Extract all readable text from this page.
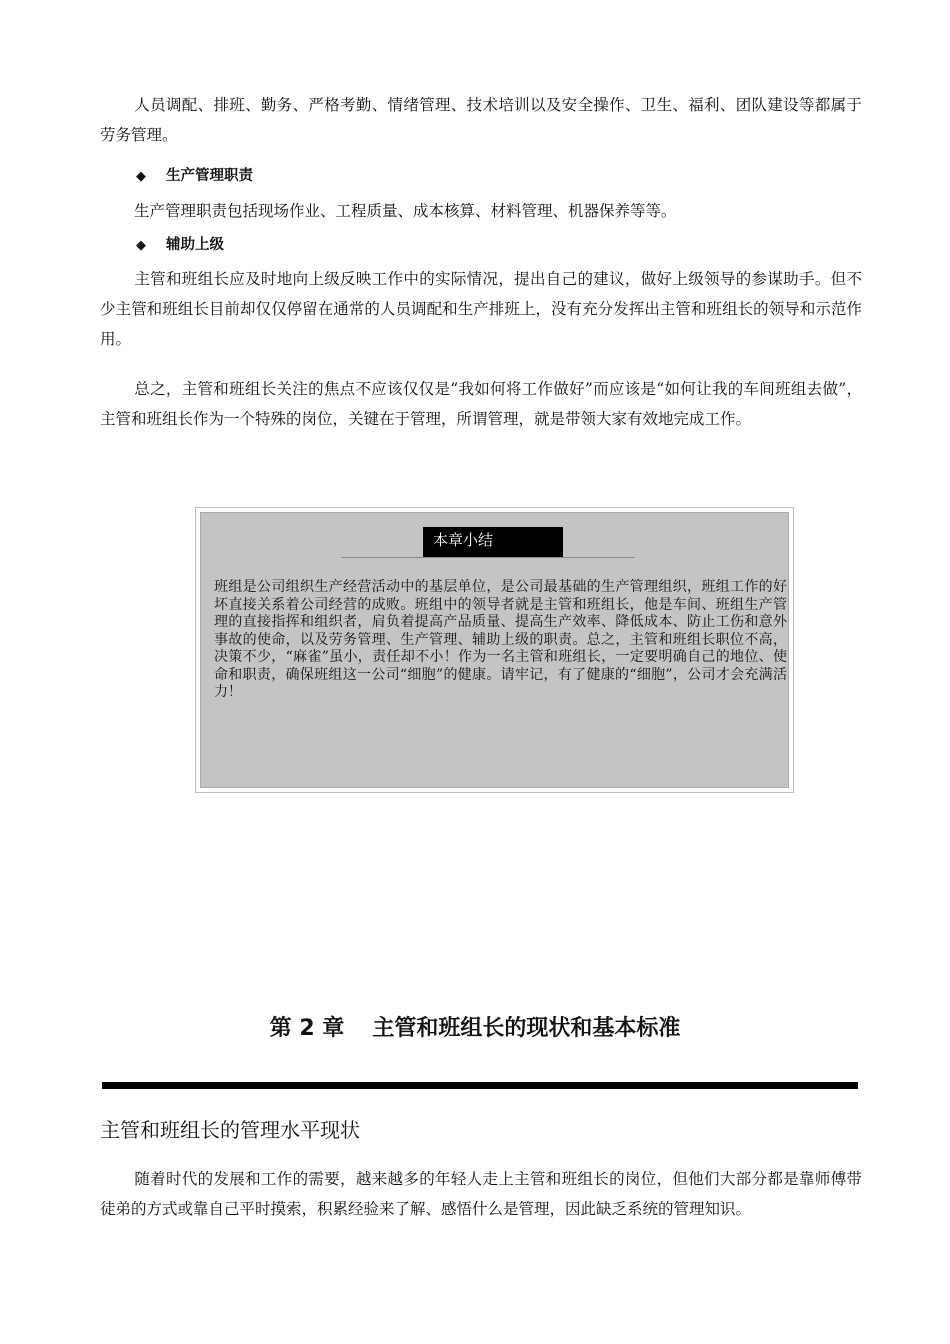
人员调配、排班、勤务、严格考勤、情绪管理、技术培训以及安全操作、卫生、福利、团队建设等都属于劳务管理。

◆ 生产管理职责

生产管理职责包括现场作业、工程质量、成本核算、材料管理、机器保养等等。

◆ 辅助上级

主管和班组长应及时地向上级反映工作中的实际情况，提出自己的建议，做好上级领导的参谋助手。但不少主管和班组长目前却仅仅停留在通常的人员调配和生产排班上，没有充分发挥出主管和班组长的领导和示范作用。

总之，主管和班组长关注的焦点不应该仅仅是“我如何将工作做好”而应该是“如何让我的车间班组去做”，主管和班组长作为一个特殊的岗位，关键在于管理，所谓管理，就是带领大家有效地完成工作。

本章小结

班组是公司组织生产经营活动中的基层单位，是公司最基础的生产管理组织，班组工作的好坏直接关系着公司经营的成败。班组中的领导者就是主管和班组长，他是车间、班组生产管理的直接指挥和组织者，肩负着提高产品质量、提高生产效率、降低成本、防止工伤和意外事故的使命，以及劳务管理、生产管理、辅助上级的职责。总之，主管和班组长职位不高，决策不少，“麻雀”虽小，责任却不小！作为一名主管和班组长，一定要明确自己的地位、使命和职责，确保班组这一公司“细胞”的健康。请牢记，有了健康的“细胞”，公司才会充满活力！

第 2 章 主管和班组长的现状和基本标准
主管和班组长的管理水平现状

随着时代的发展和工作的需要，越来越多的年轻人走上主管和班组长的岗位，但他们大部分都是靠师傅带徒弟的方式或靠自己平时摸索，积累经验来了解、感悟什么是管理，因此缺乏系统的管理知识。
